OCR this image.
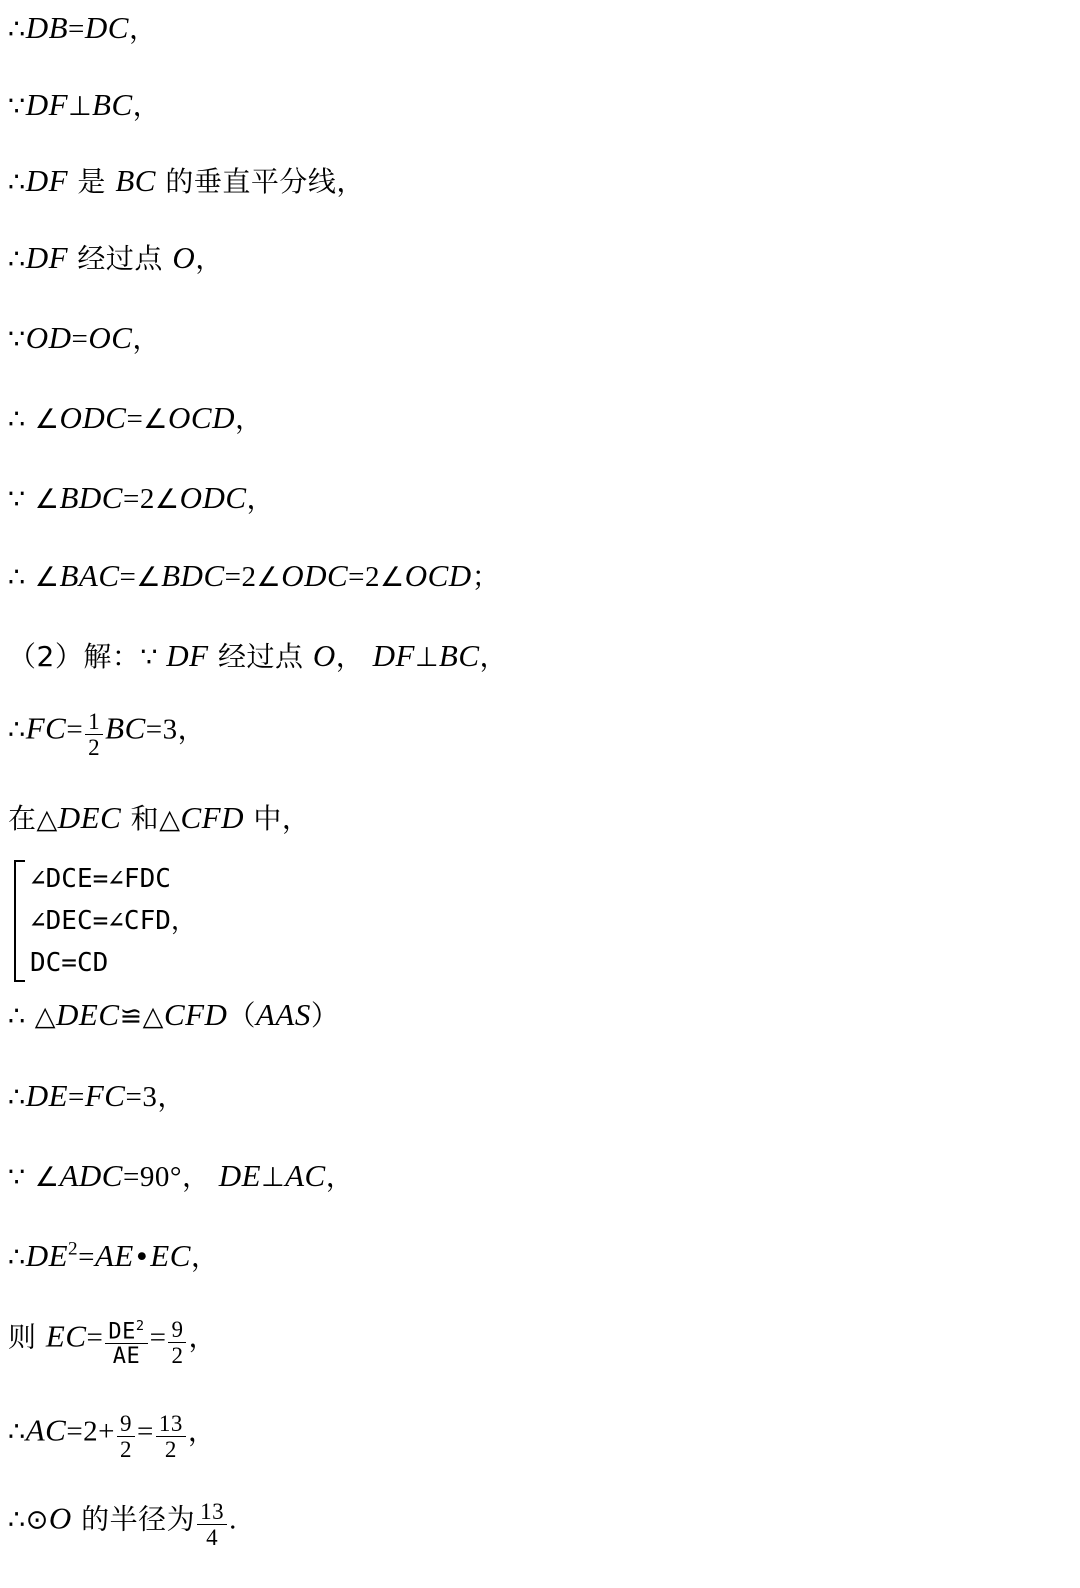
∴DB=DC，
∵DF⊥BC，
∴DF 是 BC 的垂直平分线，
∴DF 经过点 O，
∵OD=OC，
∴ ∠ODC=∠OCD，
∵ ∠BDC=2∠ODC，
∴ ∠BAC=∠BDC=2∠ODC=2∠OCD；
（2）解：∵ DF 经过点 O， DF⊥BC，
∴FC= $\frac{1}{2} BC=3$，
在△DEC 和△CFD 中，
∠DCE=∠FDC
∠DEC=∠CFD，
DC=CD
∴ △DEC≌△CFD（AAS）
∴DE=FC=3，
∵ ∠ADC=90°， DE⊥AC，
$\therefore DE^2=AE•EC$，
则 $EC= \frac{DE^2}{AE} = \frac{9}{2}$ ，
∴AC=2+ $\frac{9}{2} = \frac{13}{2}$ ，
∴⊙O 的半径为 $\frac{13}{4}$ .
